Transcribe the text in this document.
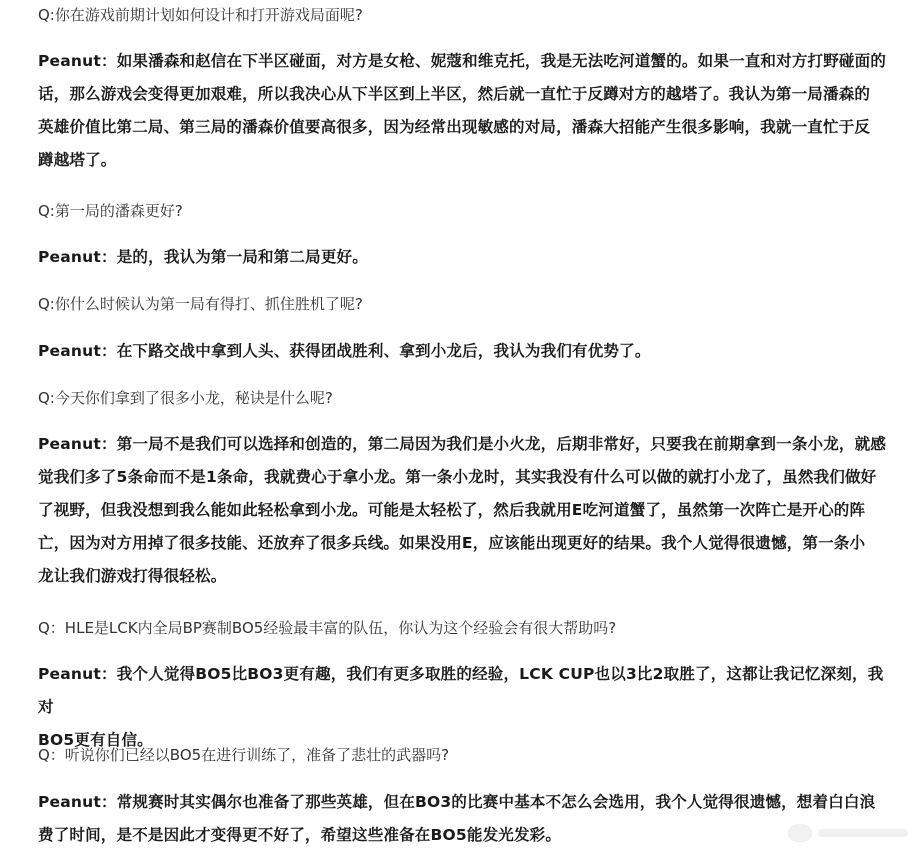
Q:你在游戏前期计划如何设计和打开游戏局面呢?

Peanut：如果潘森和赵信在下半区碰面，对方是女枪、妮蔻和维克托，我是无法吃河道蟹的。如果一直和对方打野碰面的
话，那么游戏会变得更加艰难，所以我决心从下半区到上半区，然后就一直忙于反蹲对方的越塔了。我认为第一局潘森的
英雄价值比第二局、第三局的潘森价值要高很多，因为经常出现敏感的对局，潘森大招能产生很多影响，我就一直忙于反
蹲越塔了。

Q:第一局的潘森更好?

Peanut：是的，我认为第一局和第二局更好。

Q:你什么时候认为第一局有得打、抓住胜机了呢?

Peanut：在下路交战中拿到人头、获得团战胜利、拿到小龙后，我认为我们有优势了。

Q:今天你们拿到了很多小龙，秘诀是什么呢?

Peanut：第一局不是我们可以选择和创造的，第二局因为我们是小火龙，后期非常好，只要我在前期拿到一条小龙，就感
觉我们多了5条命而不是1条命，我就费心于拿小龙。第一条小龙时，其实我没有什么可以做的就打小龙了，虽然我们做好
了视野，但我没想到我么能如此轻松拿到小龙。可能是太轻松了，然后我就用E吃河道蟹了，虽然第一次阵亡是开心的阵
亡，因为对方用掉了很多技能、还放弃了很多兵线。如果没用E，应该能出现更好的结果。我个人觉得很遗憾，第一条小
龙让我们游戏打得很轻松。

Q：HLE是LCK内全局BP赛制BO5经验最丰富的队伍，你认为这个经验会有很大帮助吗?

Peanut：我个人觉得BO5比BO3更有趣，我们有更多取胜的经验，LCK CUP也以3比2取胜了，这都让我记忆深刻，我对
BO5更有自信。

Q：听说你们已经以BO5在进行训练了，准备了悲壮的武器吗?

Peanut：常规赛时其实偶尔也准备了那些英雄，但在BO3的比赛中基本不怎么会选用，我个人觉得很遗憾，想着白白浪
费了时间，是不是因此才变得更不好了，希望这些准备在BO5能发光发彩。
